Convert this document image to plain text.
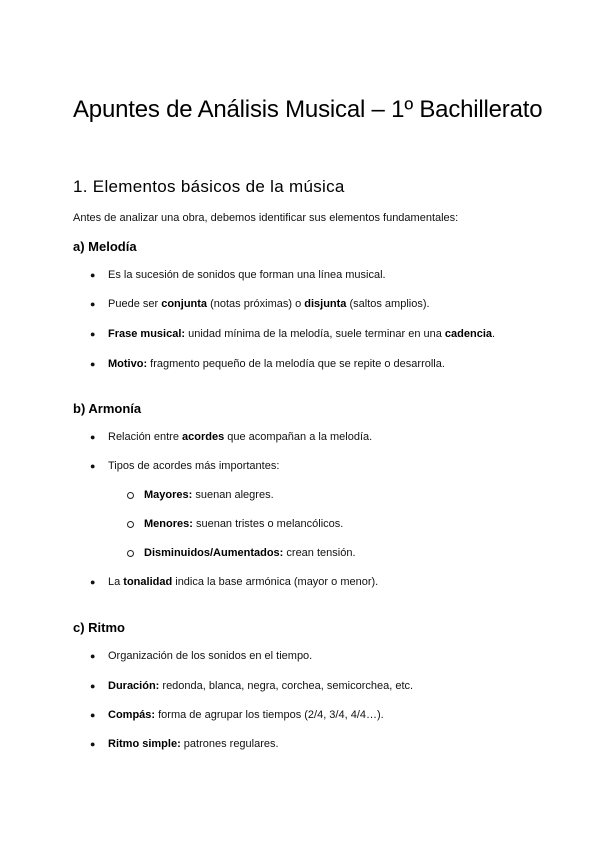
Apuntes de Análisis Musical – 1º Bachillerato
1. Elementos básicos de la música
Antes de analizar una obra, debemos identificar sus elementos fundamentales:
a) Melodía
● Es la sucesión de sonidos que forman una línea musical.
● Puede ser conjunta (notas próximas) o disjunta (saltos amplios).
● Frase musical: unidad mínima de la melodía, suele terminar en una cadencia.
● Motivo: fragmento pequeño de la melodía que se repite o desarrolla.
b) Armonía
● Relación entre acordes que acompañan a la melodía.
● Tipos de acordes más importantes:
Mayores: suenan alegres.
Menores: suenan tristes o melancólicos.
Disminuidos/Aumentados: crean tensión.
● La tonalidad indica la base armónica (mayor o menor).
c) Ritmo
● Organización de los sonidos en el tiempo.
● Duración: redonda, blanca, negra, corchea, semicorchea, etc.
● Compás: forma de agrupar los tiempos (2/4, 3/4, 4/4…).
● Ritmo simple: patrones regulares.
